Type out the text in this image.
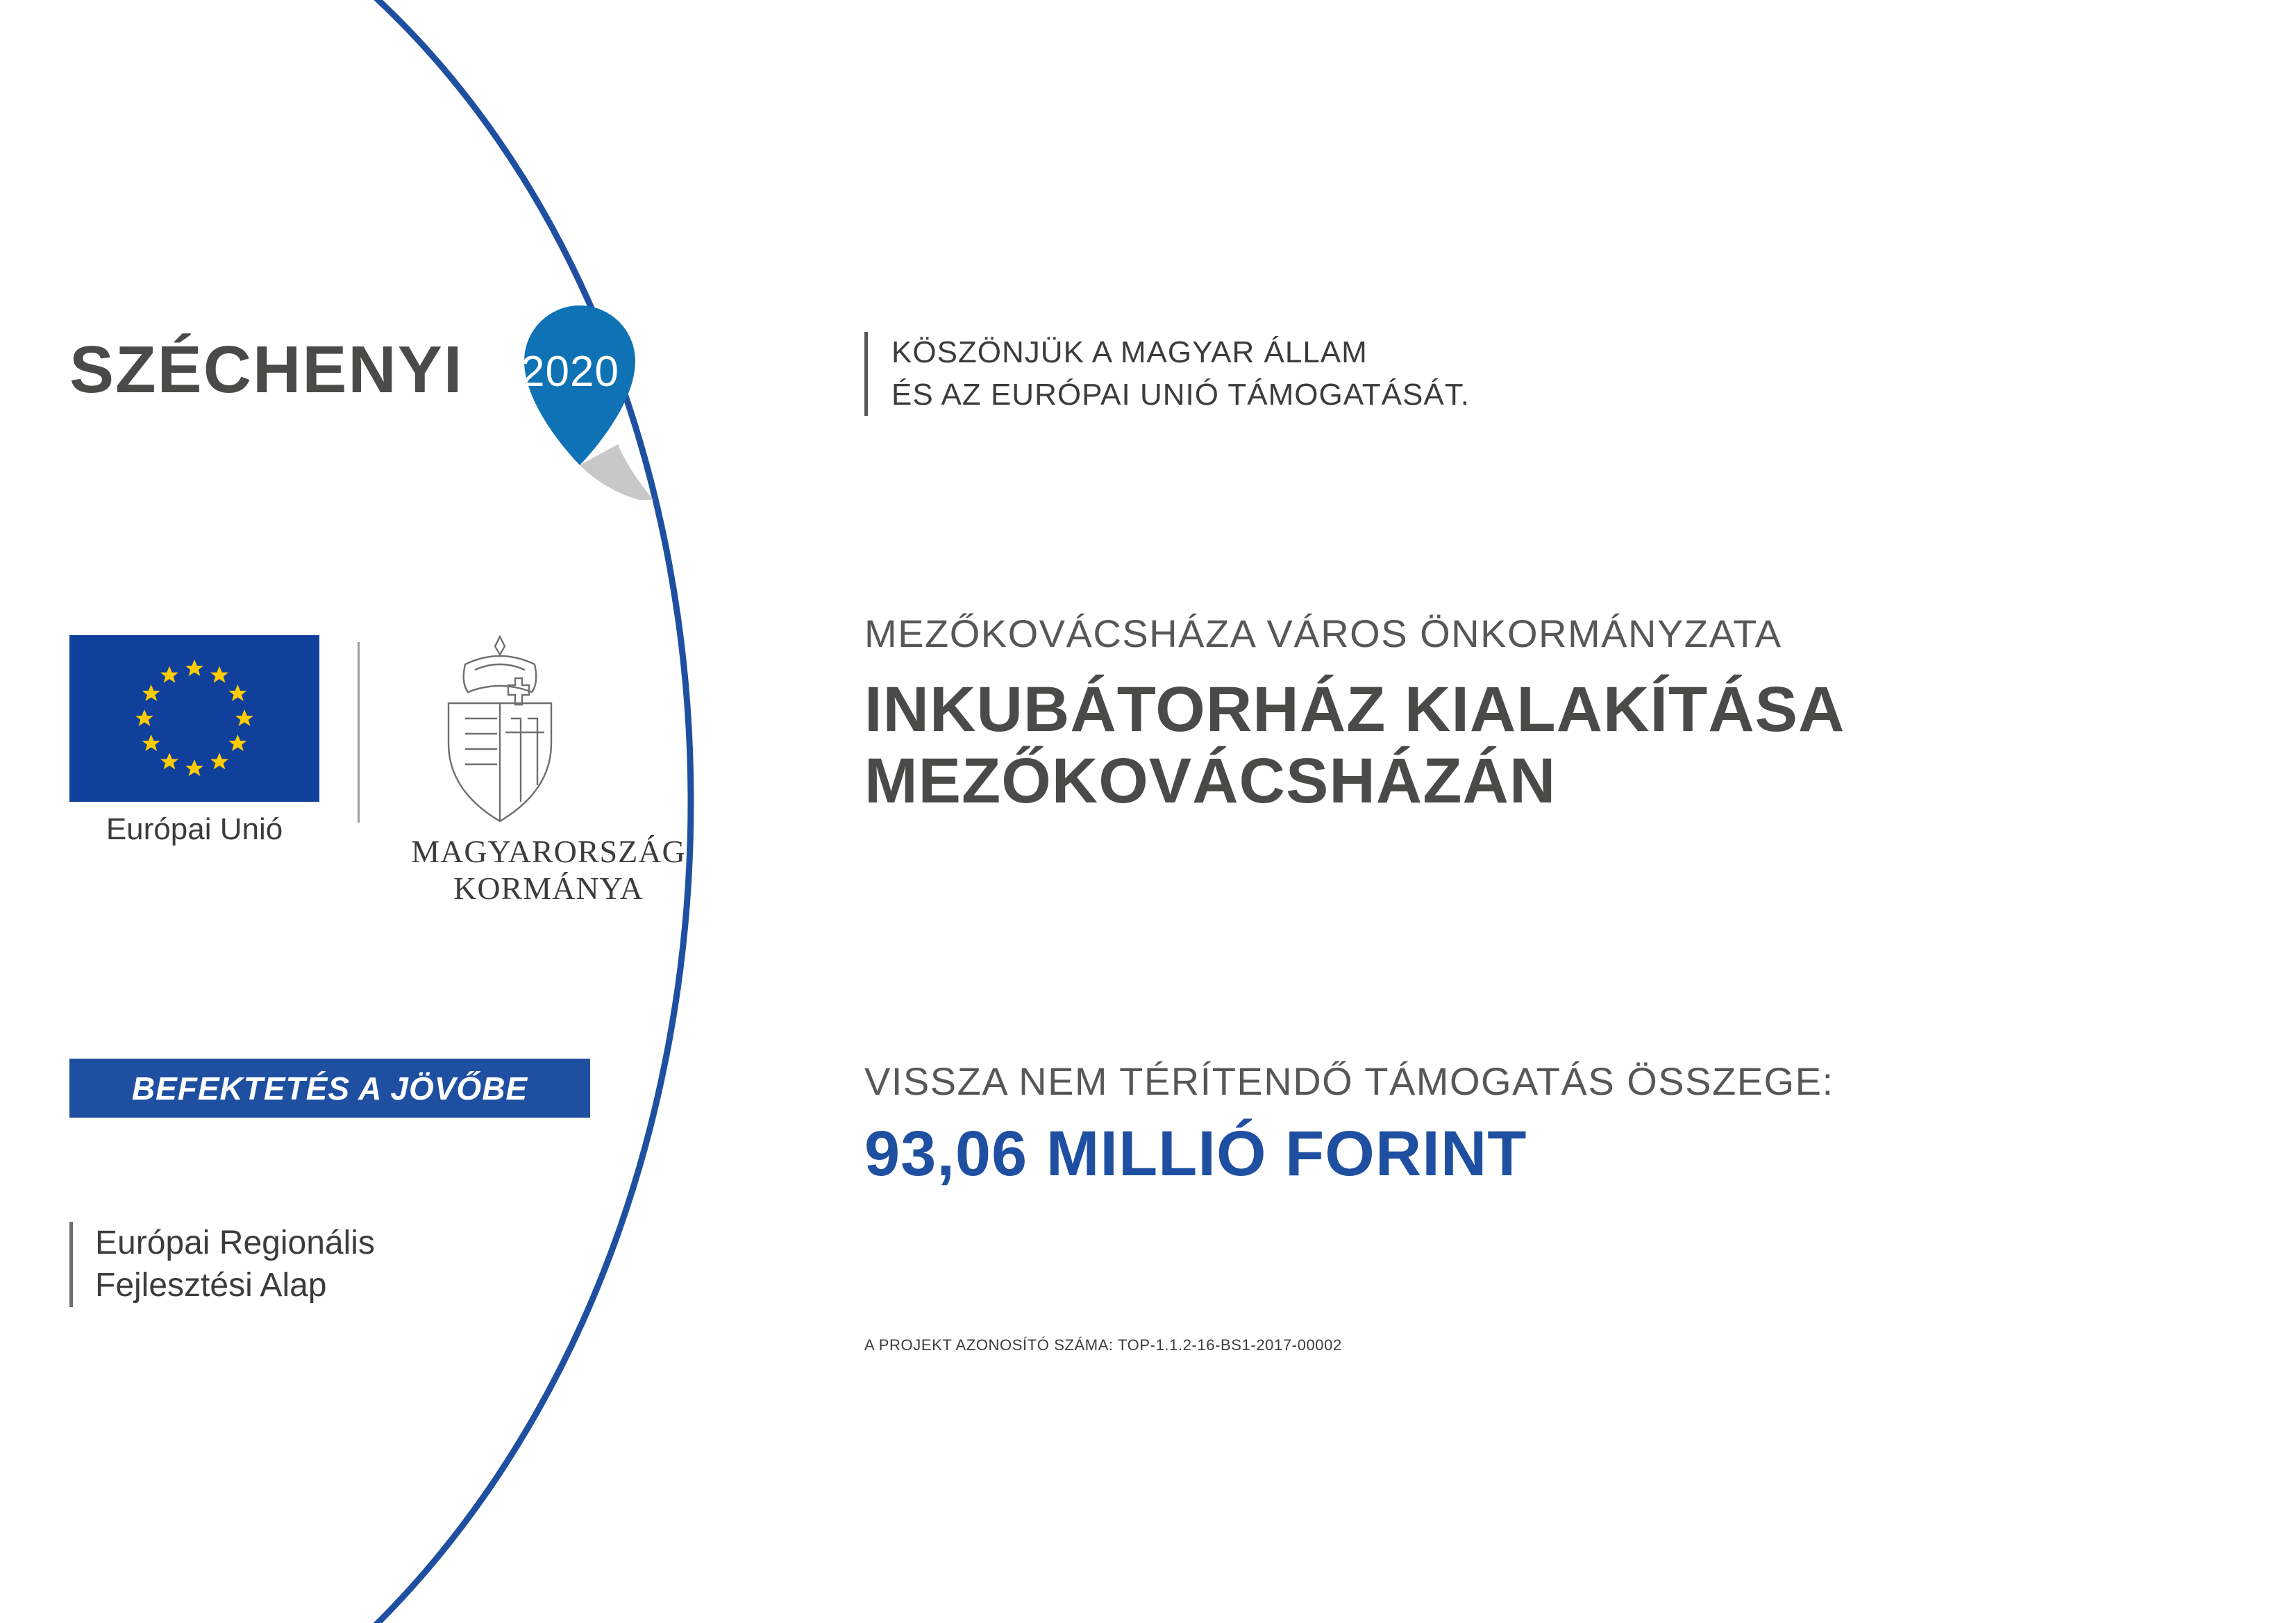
SZÉCHENYI 2020
Európai Unió
MAGYARORSZÁG
KORMÁNYA
BEFEKTETÉS A JÖVŐBE
Európai Regionális
Fejlesztési Alap
KÖSZÖNJÜK A MAGYAR ÁLLAM
ÉS AZ EURÓPAI UNIÓ TÁMOGATÁSÁT.
MEZŐKOVÁCSHÁZA VÁROS ÖNKORMÁNYZATA
INKUBÁTORHÁZ KIALAKÍTÁSA
MEZŐKOVÁCSHÁZÁN
VISSZA NEM TÉRÍTENDŐ TÁMOGATÁS ÖSSZEGE:
93,06 MILLIÓ FORINT
A PROJEKT AZONOSÍTÓ SZÁMA: TOP-1.1.2-16-BS1-2017-00002
